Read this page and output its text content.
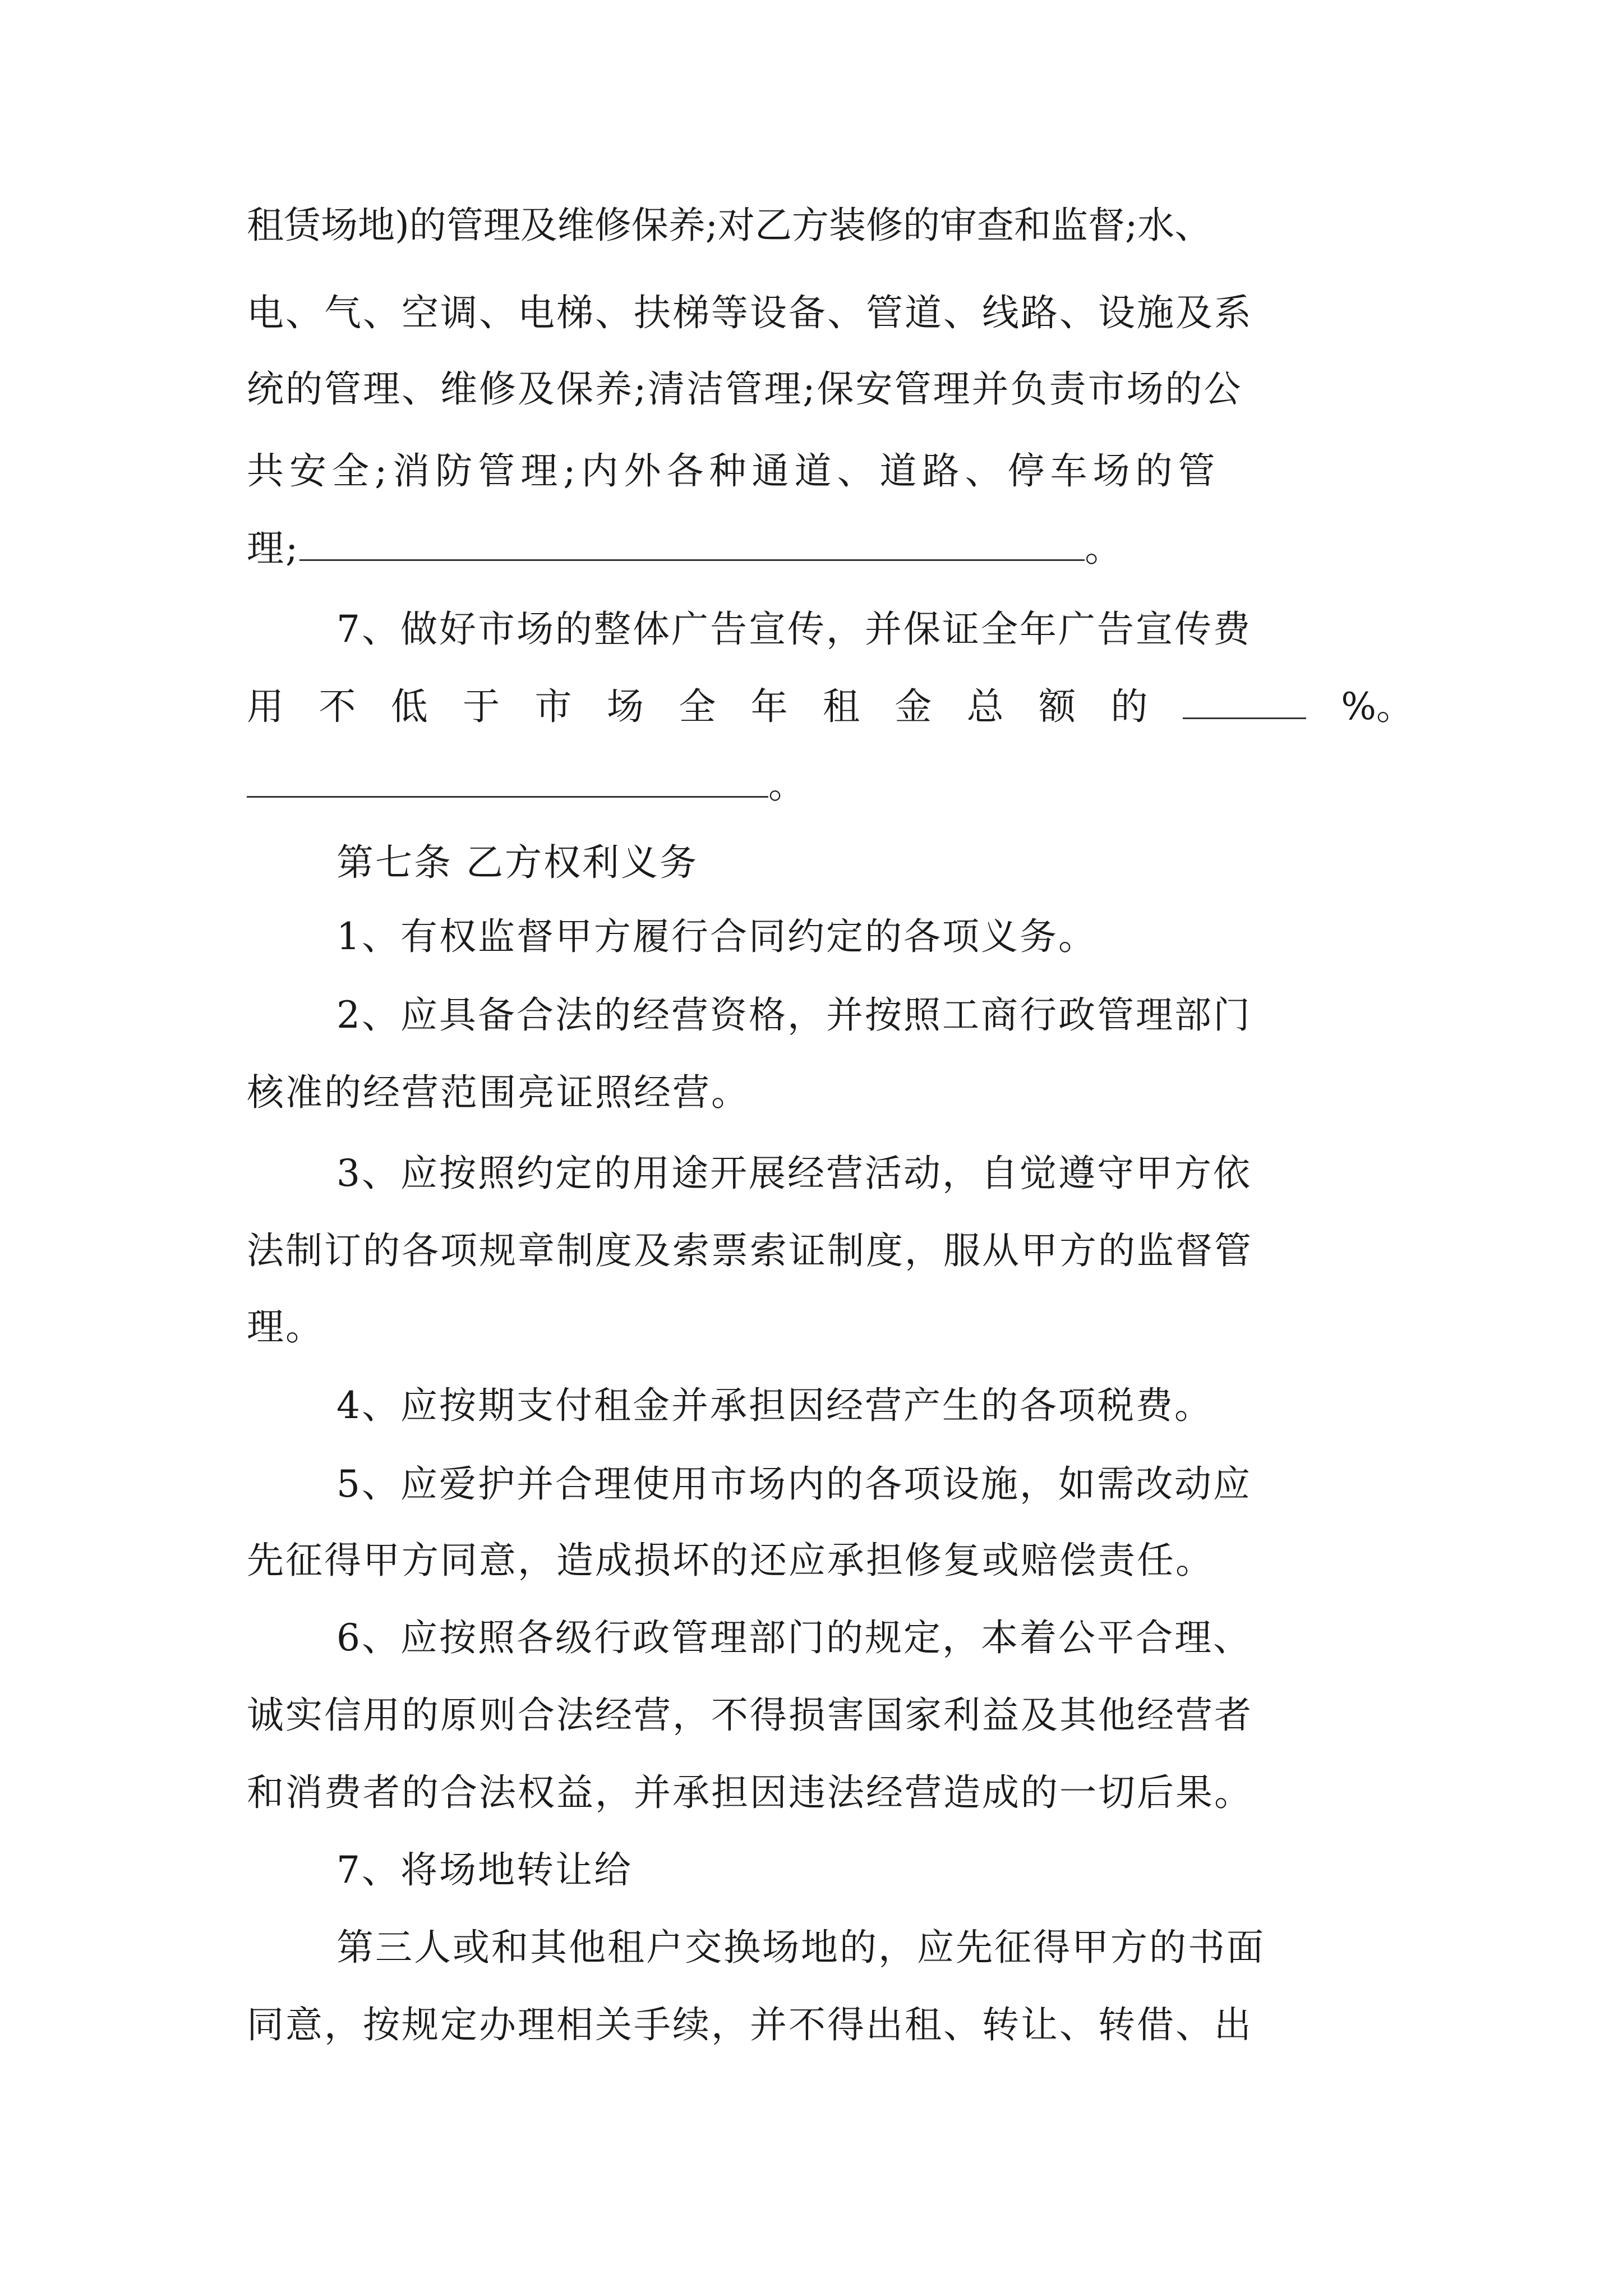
租赁场地)的管理及维修保养;对乙方装修的审查和监督;水、
电、气、空调、电梯、扶梯等设备、管道、线路、设施及系
统的管理、维修及保养;清洁管理;保安管理并负责市场的公
共安全;消防管理;内外各种通道、道路、停车场的管
理;	。
7、做好市场的整体广告宣传，并保证全年广告宣传费
用 不 低 于 市 场 全 年 租 金 总 额 的	%。
。
第七条 乙方权利义务
1、有权监督甲方履行合同约定的各项义务。
2、应具备合法的经营资格，并按照工商行政管理部门
核准的经营范围亮证照经营。
3、应按照约定的用途开展经营活动，自觉遵守甲方依
法制订的各项规章制度及索票索证制度，服从甲方的监督管
理。
4、应按期支付租金并承担因经营产生的各项税费。
5、应爱护并合理使用市场内的各项设施，如需改动应
先征得甲方同意，造成损坏的还应承担修复或赔偿责任。
6、应按照各级行政管理部门的规定，本着公平合理、
诚实信用的原则合法经营，不得损害国家利益及其他经营者
和消费者的合法权益，并承担因违法经营造成的一切后果。
7、将场地转让给
第三人或和其他租户交换场地的，应先征得甲方的书面
同意，按规定办理相关手续，并不得出租、转让、转借、出
